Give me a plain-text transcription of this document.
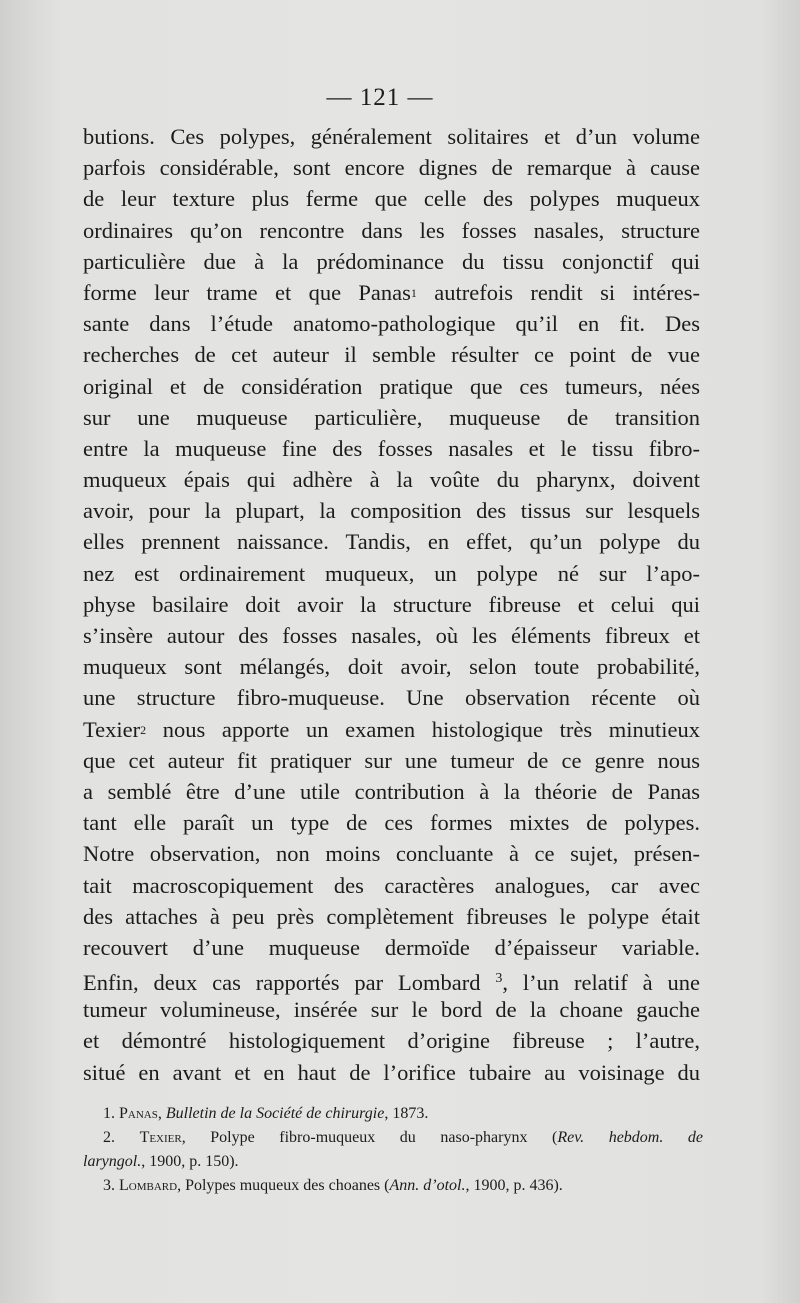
— 121 —
butions. Ces polypes, généralement solitaires et d’un volume
parfois considérable, sont encore dignes de remarque à cause
de leur texture plus ferme que celle des polypes muqueux
ordinaires qu’on rencontre dans les fosses nasales, structure
particulière due à la prédominance du tissu conjonctif qui
forme leur trame et que Panas1 autrefois rendit si intéres-
sante dans l’étude anatomo-pathologique qu’il en fit. Des
recherches de cet auteur il semble résulter ce point de vue
original et de considération pratique que ces tumeurs, nées
sur une muqueuse particulière, muqueuse de transition
entre la muqueuse fine des fosses nasales et le tissu fibro-
muqueux épais qui adhère à la voûte du pharynx, doivent
avoir, pour la plupart, la composition des tissus sur lesquels
elles prennent naissance. Tandis, en effet, qu’un polype du
nez est ordinairement muqueux, un polype né sur l’apo-
physe basilaire doit avoir la structure fibreuse et celui qui
s’insère autour des fosses nasales, où les éléments fibreux et
muqueux sont mélangés, doit avoir, selon toute probabilité,
une structure fibro-muqueuse. Une observation récente où
Texier2 nous apporte un examen histologique très minutieux
que cet auteur fit pratiquer sur une tumeur de ce genre nous
a semblé être d’une utile contribution à la théorie de Panas
tant elle paraît un type de ces formes mixtes de polypes.
Notre observation, non moins concluante à ce sujet, présen-
tait macroscopiquement des caractères analogues, car avec
des attaches à peu près complètement fibreuses le polype était
recouvert d’une muqueuse dermoïde d’épaisseur variable.
Enfin, deux cas rapportés par Lombard $^3$, l’un relatif à une
tumeur volumineuse, insérée sur le bord de la choane gauche
et démontré histologiquement d’origine fibreuse ; l’autre,
situé en avant et en haut de l’orifice tubaire au voisinage du
1. Panas, Bulletin de la Société de chirurgie, 1873.
2. Texier, Polype fibro-muqueux du naso-pharynx (Rev. hebdom. de
laryngol., 1900, p. 150).
3. Lombard, Polypes muqueux des choanes (Ann. d’otol., 1900, p. 436).
